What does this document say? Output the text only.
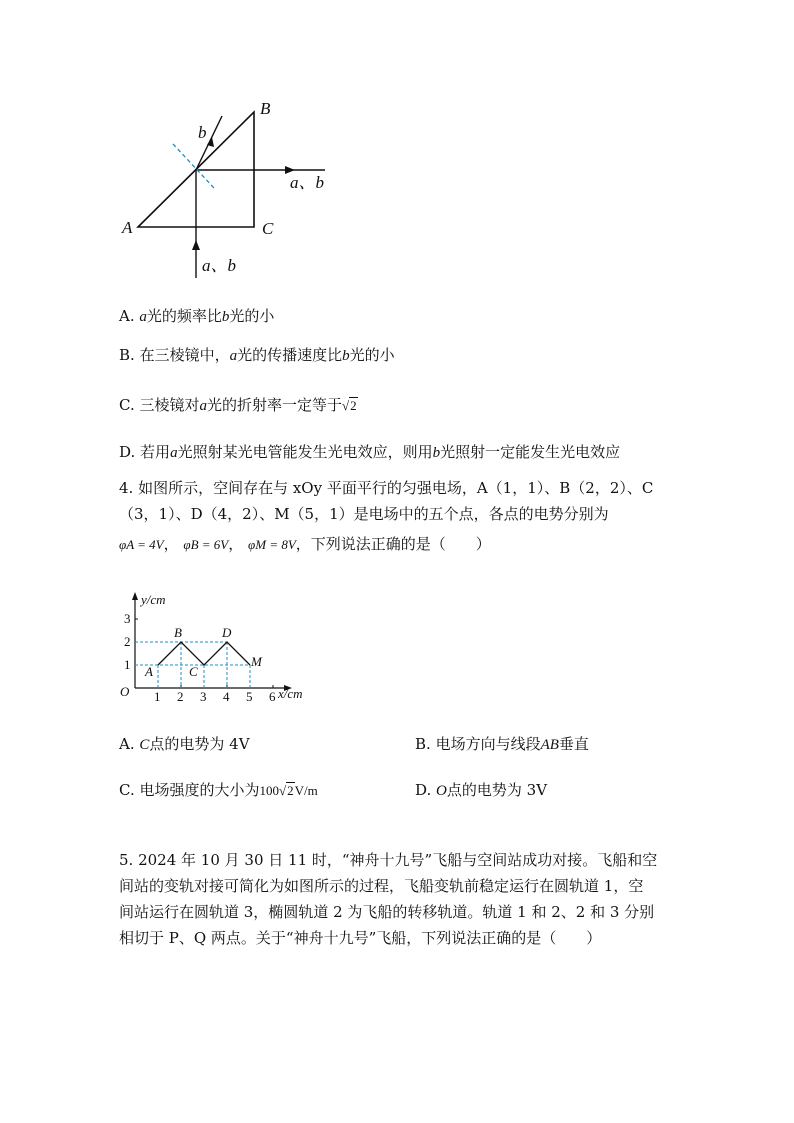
B
A	C
b
a、b
a、b
A. a光的频率比b光的小
B. 在三棱镜中，a光的传播速度比b光的小
C. 三棱镜对a光的折射率一定等于√2
D. 若用a光照射某光电管能发生光电效应，则用b光照射一定能发生光电效应
4. 如图所示，空间存在与 xOy 平面平行的匀强电场，A（1，1）、B（2，2）、C
（3，1）、D（4，2）、M（5，1）是电场中的五个点，各点的电势分别为
φA = 4V， φB = 6V， φM = 8V，下列说法正确的是（　　）
1 2 3 4 5 6
1
2
3
O	x/cm
y/cm
A
B
C
D
M
A. C点的电势为 4V	B. 电场方向与线段AB垂直
C. 电场强度的大小为100√2V/m	D. O点的电势为 3V
5. 2024 年 10 月 30 日 11 时，“神舟十九号”飞船与空间站成功对接。飞船和空
间站的变轨对接可简化为如图所示的过程，飞船变轨前稳定运行在圆轨道 1，空
间站运行在圆轨道 3，椭圆轨道 2 为飞船的转移轨道。轨道 1 和 2、2 和 3 分别
相切于 P、Q 两点。关于“神舟十九号”飞船，下列说法正确的是（　　）
